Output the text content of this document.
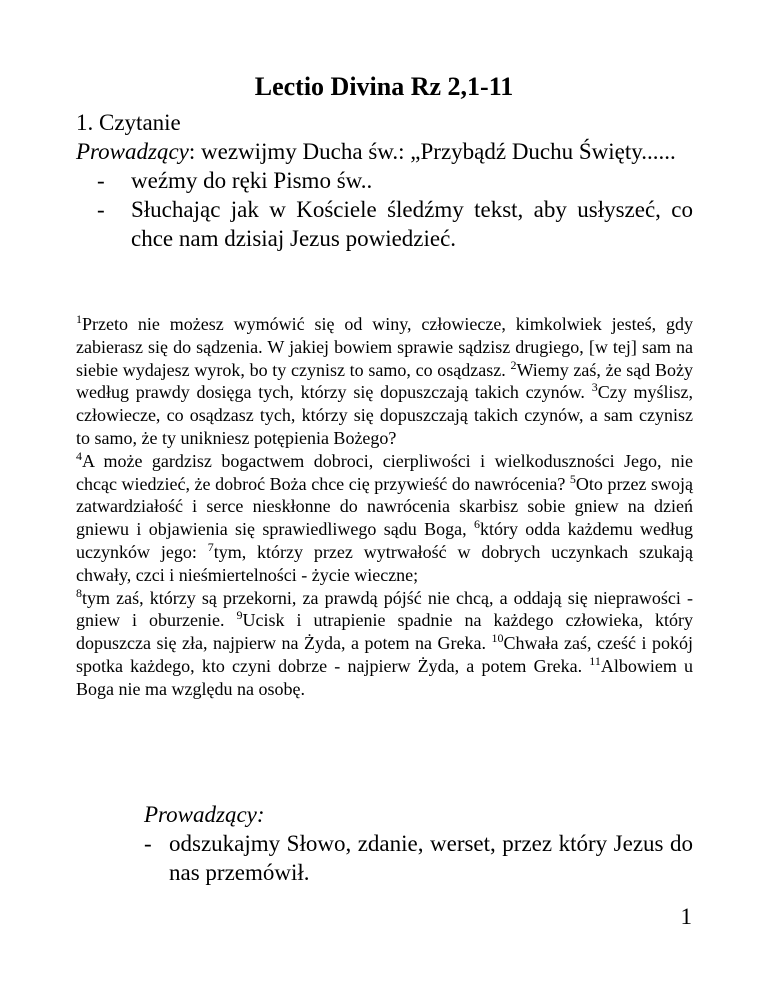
Lectio Divina Rz 2,1-11

1. Czytanie

Prowadzący: wezwijmy Ducha św.: „Przybądź Duchu Święty......

- weźmy do ręki Pismo św..
- Słuchając jak w Kościele śledźmy tekst, aby usłyszeć, co chce nam dzisiaj Jezus powiedzieć.
$^1$Przeto nie możesz wymówić się od winy, człowiecze, kimkolwiek jesteś, gdy zabierasz się do sądzenia. W jakiej bowiem sprawie sądzisz drugiego, [w tej] sam na siebie wydajesz wyrok, bo ty czynisz to samo, co osądzasz. $^2$Wiemy zaś, że sąd Boży według prawdy dosięga tych, którzy się dopuszczają takich czynów. $^3$Czy myślisz, człowiecze, co osądzasz tych, którzy się dopuszczają takich czynów, a sam czynisz to samo, że ty unikniesz potępienia Bożego?
$^4$A może gardzisz bogactwem dobroci, cierpliwości i wielkoduszności Jego, nie chcąc wiedzieć, że dobroć Boża chce cię przywieść do nawrócenia? $^5$Oto przez swoją zatwardziałość i serce nieskłonne do nawrócenia skarbisz sobie gniew na dzień gniewu i objawienia się sprawiedliwego sądu Boga, $^6$który odda każdemu według uczynków jego: $^7$tym, którzy przez wytrwałość w dobrych uczynkach szukają chwały, czci i nieśmiertelności - życie wieczne;
$^8$tym zaś, którzy są przekorni, za prawdą pójść nie chcą, a oddają się nieprawości - gniew i oburzenie. $^9$Ucisk i utrapienie spadnie na każdego człowieka, który dopuszcza się zła, najpierw na Żyda, a potem na Greka. $^{10}$Chwała zaś, cześć i pokój spotka każdego, kto czyni dobrze - najpierw Żyda, a potem Greka. $^{11}$Albowiem u Boga nie ma względu na osobę.

Prowadzący:

- odszukajmy Słowo, zdanie, werset, przez który Jezus do nas przemówił.
1
